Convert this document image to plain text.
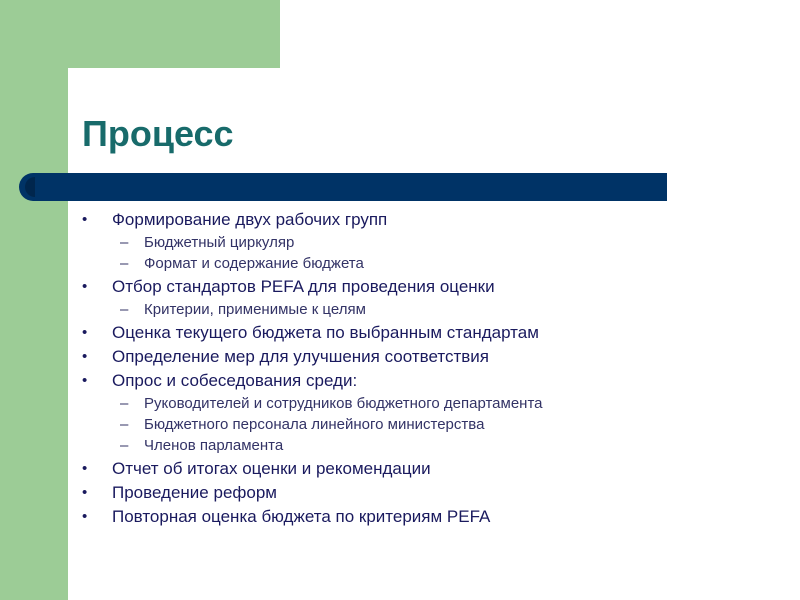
Процесс
• Формирование двух рабочих групп
– Бюджетный циркуляр
– Формат и содержание бюджета
• Отбор стандартов PEFA для проведения оценки
– Критерии, применимые к целям
• Оценка текущего бюджета по выбранным стандартам
• Определение мер для улучшения соответствия
• Опрос и собеседования среди:
– Руководителей и сотрудников бюджетного департамента
– Бюджетного персонала линейного министерства
– Членов парламента
• Отчет об итогах оценки и рекомендации
• Проведение реформ
• Повторная оценка бюджета по критериям PEFA
